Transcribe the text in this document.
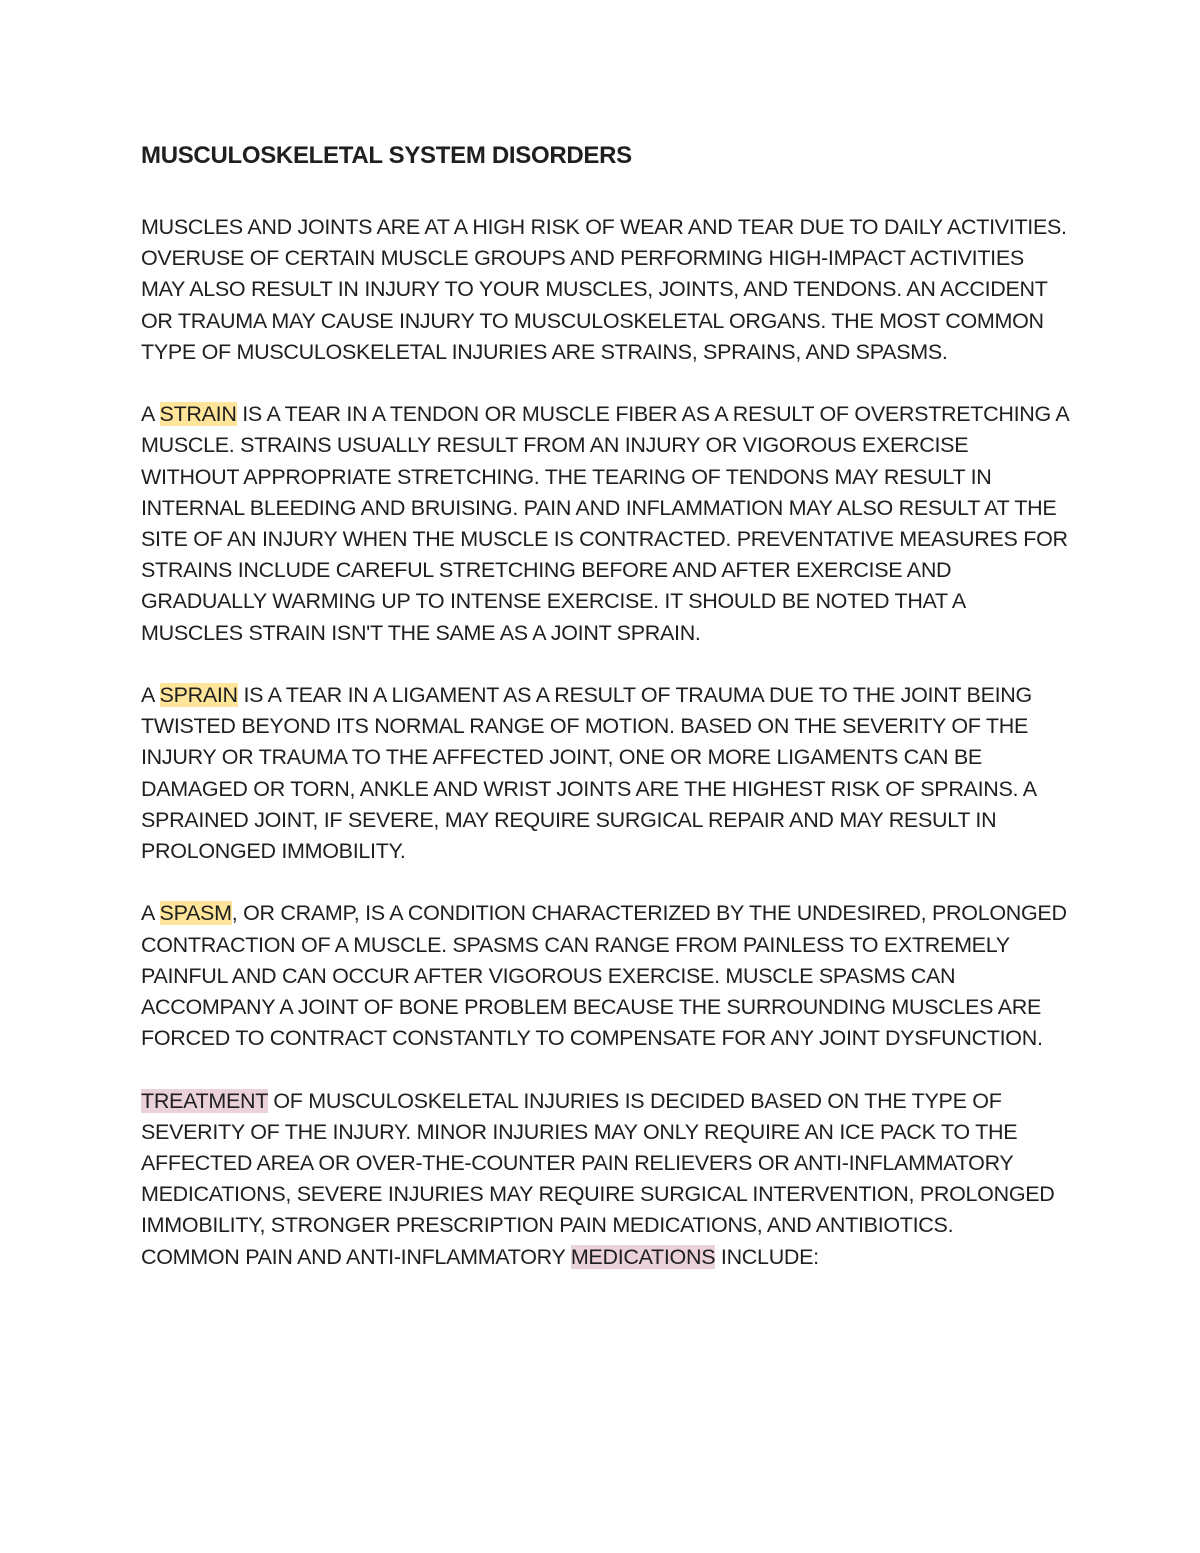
MUSCULOSKELETAL SYSTEM DISORDERS

MUSCLES AND JOINTS ARE AT A HIGH RISK OF WEAR AND TEAR DUE TO DAILY ACTIVITIES. OVERUSE OF CERTAIN MUSCLE GROUPS AND PERFORMING HIGH-IMPACT ACTIVITIES MAY ALSO RESULT IN INJURY TO YOUR MUSCLES, JOINTS, AND TENDONS. AN ACCIDENT OR TRAUMA MAY CAUSE INJURY TO MUSCULOSKELETAL ORGANS. THE MOST COMMON TYPE OF MUSCULOSKELETAL INJURIES ARE STRAINS, SPRAINS, AND SPASMS.

A STRAIN IS A TEAR IN A TENDON OR MUSCLE FIBER AS A RESULT OF OVERSTRETCHING A MUSCLE. STRAINS USUALLY RESULT FROM AN INJURY OR VIGOROUS EXERCISE WITHOUT APPROPRIATE STRETCHING. THE TEARING OF TENDONS MAY RESULT IN INTERNAL BLEEDING AND BRUISING. PAIN AND INFLAMMATION MAY ALSO RESULT AT THE SITE OF AN INJURY WHEN THE MUSCLE IS CONTRACTED. PREVENTATIVE MEASURES FOR STRAINS INCLUDE CAREFUL STRETCHING BEFORE AND AFTER EXERCISE AND GRADUALLY WARMING UP TO INTENSE EXERCISE. IT SHOULD BE NOTED THAT A MUSCLES STRAIN ISN'T THE SAME AS A JOINT SPRAIN.

A SPRAIN IS A TEAR IN A LIGAMENT AS A RESULT OF TRAUMA DUE TO THE JOINT BEING TWISTED BEYOND ITS NORMAL RANGE OF MOTION. BASED ON THE SEVERITY OF THE INJURY OR TRAUMA TO THE AFFECTED JOINT, ONE OR MORE LIGAMENTS CAN BE DAMAGED OR TORN, ANKLE AND WRIST JOINTS ARE THE HIGHEST RISK OF SPRAINS. A SPRAINED JOINT, IF SEVERE, MAY REQUIRE SURGICAL REPAIR AND MAY RESULT IN PROLONGED IMMOBILITY.

A SPASM, OR CRAMP, IS A CONDITION CHARACTERIZED BY THE UNDESIRED, PROLONGED CONTRACTION OF A MUSCLE. SPASMS CAN RANGE FROM PAINLESS TO EXTREMELY PAINFUL AND CAN OCCUR AFTER VIGOROUS EXERCISE. MUSCLE SPASMS CAN ACCOMPANY A JOINT OF BONE PROBLEM BECAUSE THE SURROUNDING MUSCLES ARE FORCED TO CONTRACT CONSTANTLY TO COMPENSATE FOR ANY JOINT DYSFUNCTION.

TREATMENT OF MUSCULOSKELETAL INJURIES IS DECIDED BASED ON THE TYPE OF SEVERITY OF THE INJURY. MINOR INJURIES MAY ONLY REQUIRE AN ICE PACK TO THE AFFECTED AREA OR OVER-THE-COUNTER PAIN RELIEVERS OR ANTI-INFLAMMATORY MEDICATIONS, SEVERE INJURIES MAY REQUIRE SURGICAL INTERVENTION, PROLONGED IMMOBILITY, STRONGER PRESCRIPTION PAIN MEDICATIONS, AND ANTIBIOTICS.

COMMON PAIN AND ANTI-INFLAMMATORY MEDICATIONS INCLUDE:
